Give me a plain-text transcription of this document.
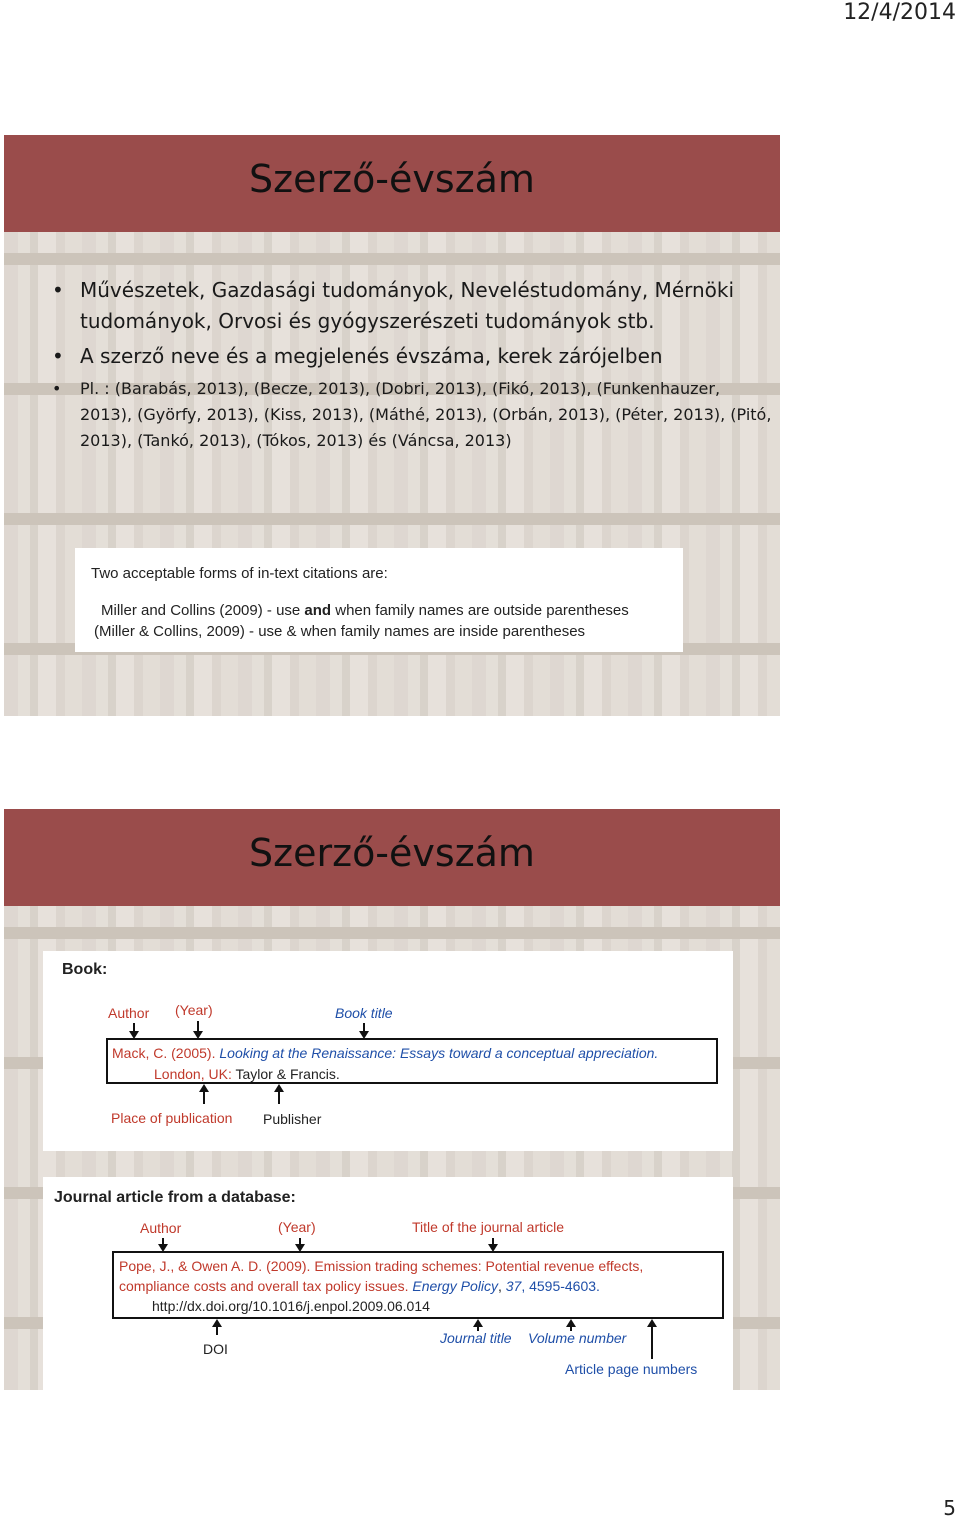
12/4/2014
Szerző-évszám
• Művészetek, Gazdasági tudományok, Neveléstudomány, Mérnöki tudományok, Orvosi és gyógyszerészeti tudományok stb.
• A szerző neve és a megjelenés évszáma, kerek zárójelben
• Pl. : (Barabás, 2013), (Becze, 2013), (Dobri, 2013), (Fikó, 2013), (Funkenhauzer, 2013), (Györfy, 2013), (Kiss, 2013), (Máthé, 2013), (Orbán, 2013), (Péter, 2013), (Pitó, 2013), (Tankó, 2013), (Tókos, 2013) és (Váncsa, 2013)
Two acceptable forms of in-text citations are:
Miller and Collins (2009) - use and when family names are outside parentheses
(Miller & Collins, 2009) - use & when family names are inside parentheses
Szerző-évszám
Book:
Author (Year)	Book title
Mack, C. (2005). Looking at the Renaissance: Essays toward a conceptual appreciation.
London, UK: Taylor & Francis.
Place of publication Publisher
Journal article from a database:
Author	(Year)	Title of the journal article
Pope, J., & Owen A. D. (2009). Emission trading schemes: Potential revenue effects,
compliance costs and overall tax policy issues. Energy Policy, 37, 4595-4603.
http://dx.doi.org/10.1016/j.enpol.2009.06.014
Journal title Volume number
Article page numbers
DOI
5
